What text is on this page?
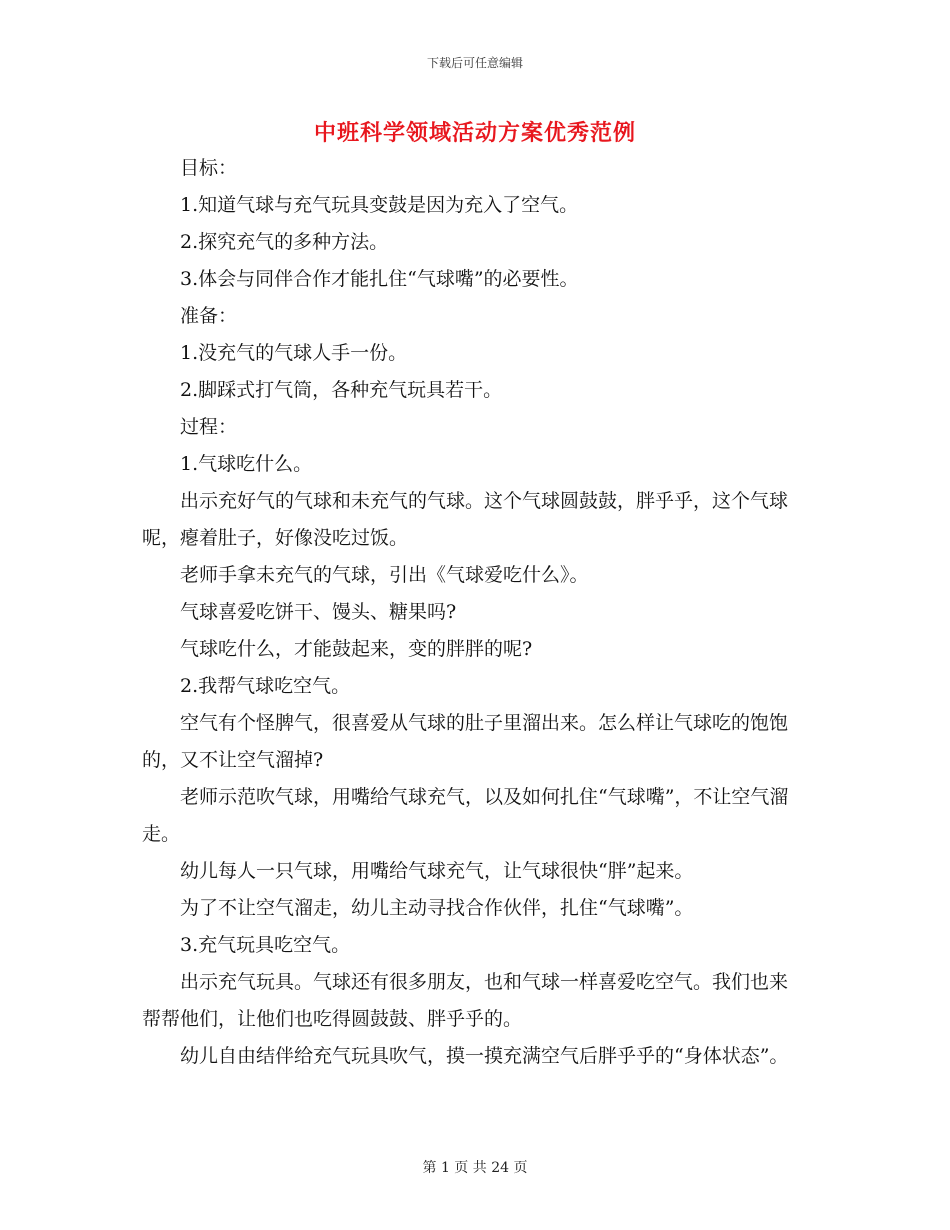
下载后可任意编辑
中班科学领域活动方案优秀范例

目标：

1.知道气球与充气玩具变鼓是因为充入了空气。

2.探究充气的多种方法。

3.体会与同伴合作才能扎住“气球嘴”的必要性。

准备：

1.没充气的气球人手一份。

2.脚踩式打气筒，各种充气玩具若干。

过程：

1.气球吃什么。

出示充好气的气球和未充气的气球。这个气球圆鼓鼓，胖乎乎，这个气球呢，瘪着肚子，好像没吃过饭。

老师手拿未充气的气球，引出《气球爱吃什么》。

气球喜爱吃饼干、馒头、糖果吗?

气球吃什么，才能鼓起来，变的胖胖的呢?

2.我帮气球吃空气。

空气有个怪脾气，很喜爱从气球的肚子里溜出来。怎么样让气球吃的饱饱的，又不让空气溜掉?

老师示范吹气球，用嘴给气球充气，以及如何扎住“气球嘴”，不让空气溜走。

幼儿每人一只气球，用嘴给气球充气，让气球很快“胖”起来。

为了不让空气溜走，幼儿主动寻找合作伙伴，扎住“气球嘴”。

3.充气玩具吃空气。

出示充气玩具。气球还有很多朋友，也和气球一样喜爱吃空气。我们也来帮帮他们，让他们也吃得圆鼓鼓、胖乎乎的。

幼儿自由结伴给充气玩具吹气，摸一摸充满空气后胖乎乎的“身体状态”。

第 1 页 共 24 页
